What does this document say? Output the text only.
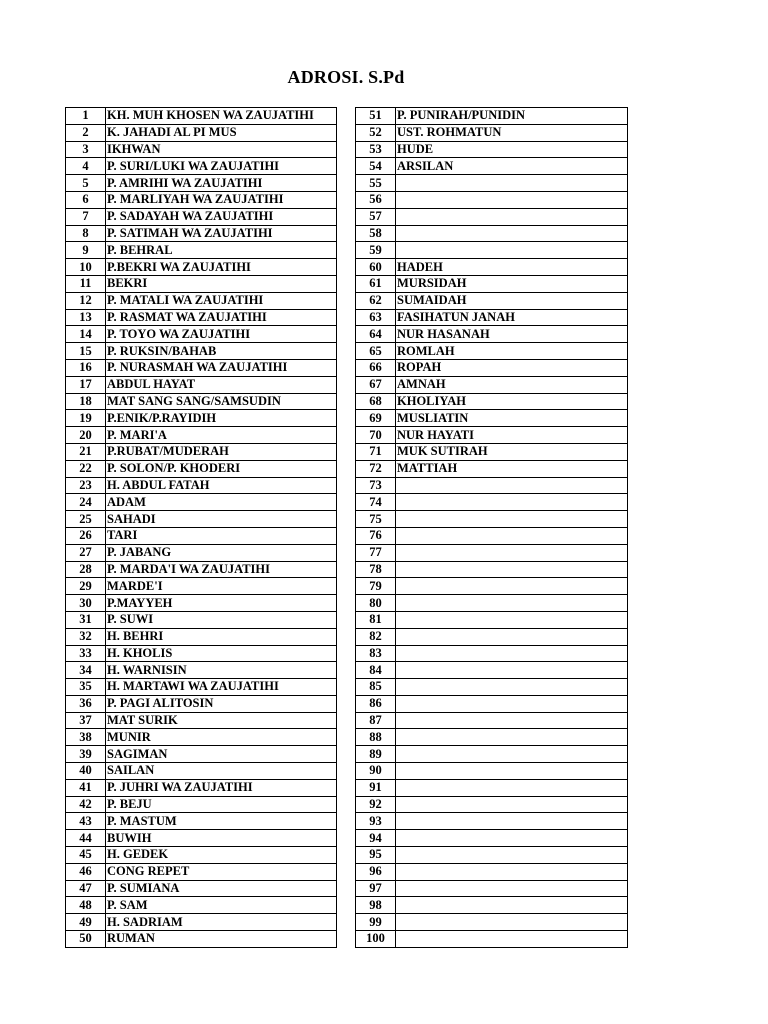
ADROSI. S.Pd
1	KH. MUH KHOSEN WA ZAUJATIHI
2	K. JAHADI AL PI MUS
3	IKHWAN
4	P. SURI/LUKI WA ZAUJATIHI
5	P. AMRIHI WA ZAUJATIHI
6	P. MARLIYAH WA ZAUJATIHI
7	P. SADAYAH WA ZAUJATIHI
8	P. SATIMAH WA ZAUJATIHI
9	P. BEHRAL
10	P.BEKRI WA ZAUJATIHI
11	BEKRI
12	P. MATALI WA ZAUJATIHI
13	P. RASMAT WA ZAUJATIHI
14	P. TOYO WA ZAUJATIHI
15	P. RUKSIN/BAHAB
16	P. NURASMAH WA ZAUJATIHI
17	ABDUL HAYAT
18	MAT SANG SANG/SAMSUDIN
19	P.ENIK/P.RAYIDIH
20	P. MARI'A
21	P.RUBAT/MUDERAH
22	P. SOLON/P. KHODERI
23	H. ABDUL FATAH
24	ADAM
25	SAHADI
26	TARI
27	P. JABANG
28	P. MARDA'I WA ZAUJATIHI
29	MARDE'I
30	P.MAYYEH
31	P. SUWI
32	H. BEHRI
33	H. KHOLIS
34	H. WARNISIN
35	H. MARTAWI WA ZAUJATIHI
36	P. PAGI ALITOSIN
37	MAT SURIK
38	MUNIR
39	SAGIMAN
40	SAILAN
41	P. JUHRI WA ZAUJATIHI
42	P. BEJU
43	P. MASTUM
44	BUWIH
45	H. GEDEK
46	CONG REPET
47	P. SUMIANA
48	P. SAM
49	H. SADRIAM
50	RUMAN
51	P. PUNIRAH/PUNIDIN
52	UST. ROHMATUN
53	HUDE
54	ARSILAN
55	
56	
57	
58	
59	
60	HADEH
61	MURSIDAH
62	SUMAIDAH
63	FASIHATUN JANAH
64	NUR HASANAH
65	ROMLAH
66	ROPAH
67	AMNAH
68	KHOLIYAH
69	MUSLIATIN
70	NUR HAYATI
71	MUK SUTIRAH
72	MATTIAH
73	
74	
75	
76	
77	
78	
79	
80	
81	
82	
83	
84	
85	
86	
87	
88	
89	
90	
91	
92	
93	
94	
95	
96	
97	
98	
99	
100	
